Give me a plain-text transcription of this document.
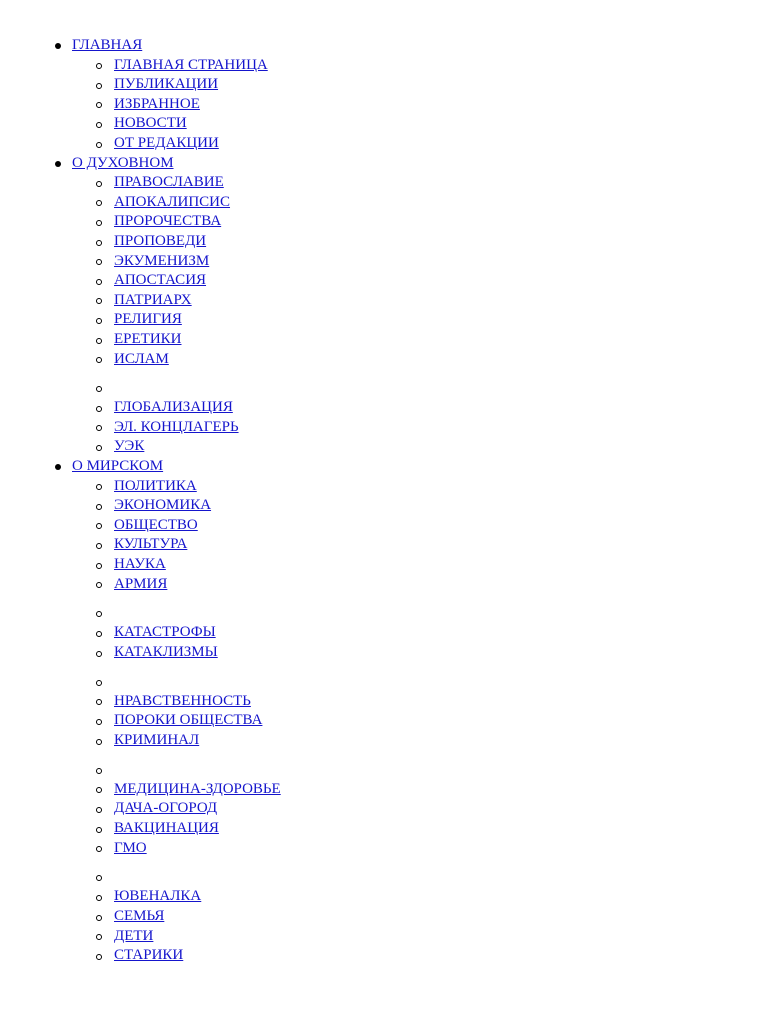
ГЛАВНАЯ
ГЛАВНАЯ СТРАНИЦА
ПУБЛИКАЦИИ
ИЗБРАННОЕ
НОВОСТИ
ОТ РЕДАКЦИИ
О ДУХОВНОМ
ПРАВОСЛАВИЕ
АПОКАЛИПСИС
ПРОРОЧЕСТВА
ПРОПОВЕДИ
ЭКУМЕНИЗМ
АПОСТАСИЯ
ПАТРИАРХ
РЕЛИГИЯ
ЕРЕТИКИ
ИСЛАМ
ГЛОБАЛИЗАЦИЯ
ЭЛ. КОНЦЛАГЕРЬ
УЭК
О МИРСКОМ
ПОЛИТИКА
ЭКОНОМИКА
ОБЩЕСТВО
КУЛЬТУРА
НАУКА
АРМИЯ
КАТАСТРОФЫ
КАТАКЛИЗМЫ
НРАВСТВЕННОСТЬ
ПОРОКИ ОБЩЕСТВА
КРИМИНАЛ
МЕДИЦИНА-ЗДОРОВЬЕ
ДАЧА-ОГОРОД
ВАКЦИНАЦИЯ
ГМО
ЮВЕНАЛКА
СЕМЬЯ
ДЕТИ
СТАРИКИ
